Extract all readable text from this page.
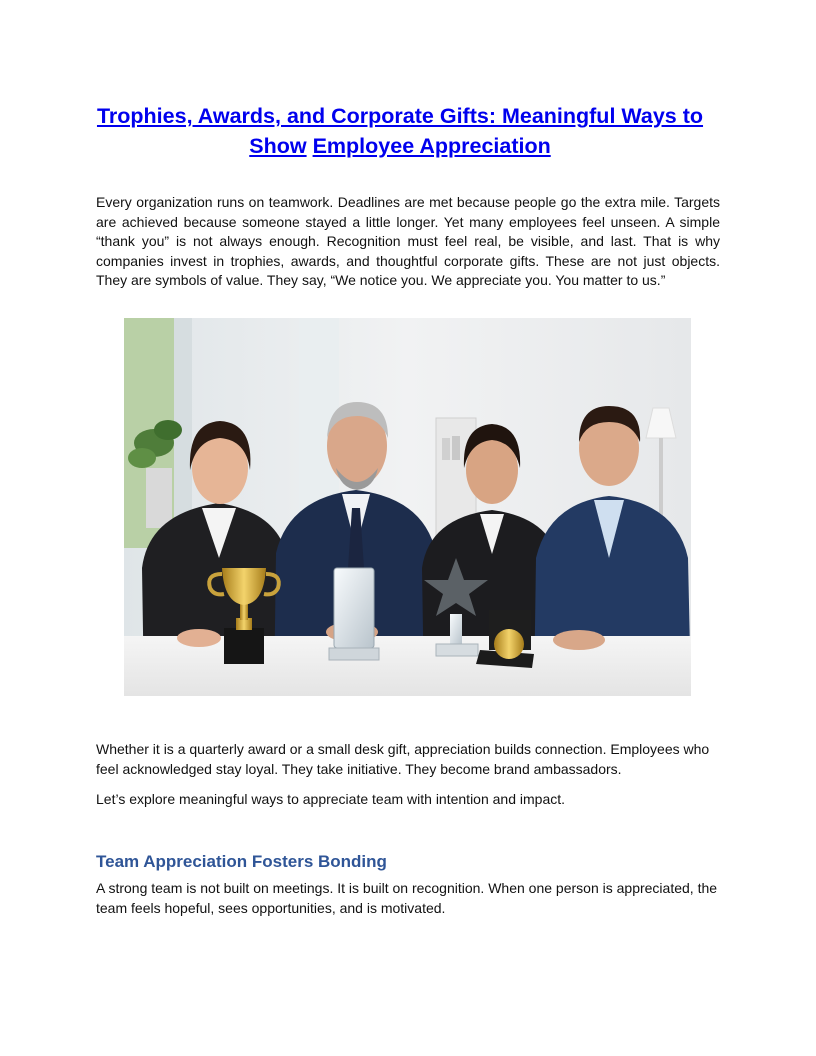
Trophies, Awards, and Corporate Gifts: Meaningful Ways to
Show Employee Appreciation

Every organization runs on teamwork. Deadlines are met because people go the extra mile. Targets are achieved because someone stayed a little longer. Yet many employees feel unseen. A simple “thank you” is not always enough. Recognition must feel real, be visible, and last. That is why companies invest in trophies, awards, and thoughtful corporate gifts. These are not just objects. They are symbols of value. They say, “We notice you. We appreciate you. You matter to us.”

Whether it is a quarterly award or a small desk gift, appreciation builds connection. Employees who feel acknowledged stay loyal. They take initiative. They become brand ambassadors.

Let’s explore meaningful ways to appreciate team with intention and impact.

Team Appreciation Fosters Bonding

A strong team is not built on meetings. It is built on recognition. When one person is appreciated, the team feels hopeful, sees opportunities, and is motivated.
